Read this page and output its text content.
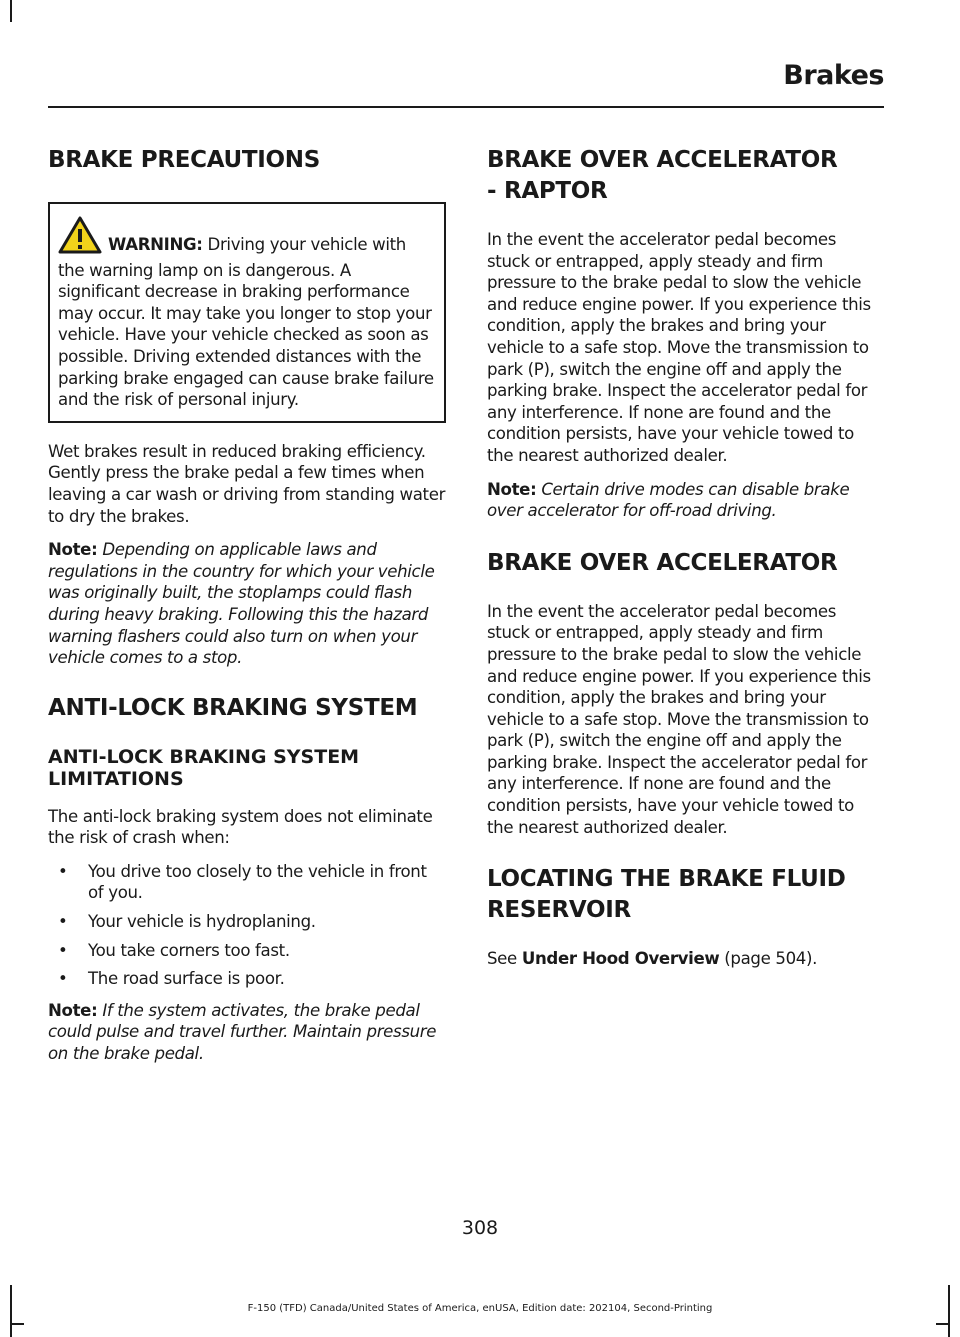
Brakes
BRAKE PRECAUTIONS
WARNING: Driving your vehicle with the warning lamp on is dangerous. A significant decrease in braking performance may occur. It may take you longer to stop your vehicle. Have your vehicle checked as soon as possible. Driving extended distances with the parking brake engaged can cause brake failure and the risk of personal injury.

Wet brakes result in reduced braking efficiency. Gently press the brake pedal a few times when leaving a car wash or driving from standing water to dry the brakes.

Note: Depending on applicable laws and regulations in the country for which your vehicle was originally built, the stoplamps could flash during heavy braking. Following this the hazard warning flashers could also turn on when your vehicle comes to a stop.

ANTI-LOCK BRAKING SYSTEM
ANTI-LOCK BRAKING SYSTEM LIMITATIONS

The anti-lock braking system does not eliminate the risk of crash when:

• You drive too closely to the vehicle in front of you.
• Your vehicle is hydroplaning.
• You take corners too fast.
• The road surface is poor.

Note: If the system activates, the brake pedal could pulse and travel further. Maintain pressure on the brake pedal.

BRAKE OVER ACCELERATOR
- RAPTOR

In the event the accelerator pedal becomes stuck or entrapped, apply steady and firm pressure to the brake pedal to slow the vehicle and reduce engine power. If you experience this condition, apply the brakes and bring your vehicle to a safe stop. Move the transmission to park (P), switch the engine off and apply the parking brake. Inspect the accelerator pedal for any interference. If none are found and the condition persists, have your vehicle towed to the nearest authorized dealer.

Note: Certain drive modes can disable brake over accelerator for off-road driving.

BRAKE OVER ACCELERATOR

In the event the accelerator pedal becomes stuck or entrapped, apply steady and firm pressure to the brake pedal to slow the vehicle and reduce engine power. If you experience this condition, apply the brakes and bring your vehicle to a safe stop. Move the transmission to park (P), switch the engine off and apply the parking brake. Inspect the accelerator pedal for any interference. If none are found and the condition persists, have your vehicle towed to the nearest authorized dealer.

LOCATING THE BRAKE FLUID
RESERVOIR

See Under Hood Overview (page 504).

308
F-150 (TFD) Canada/United States of America, enUSA, Edition date: 202104, Second-Printing
